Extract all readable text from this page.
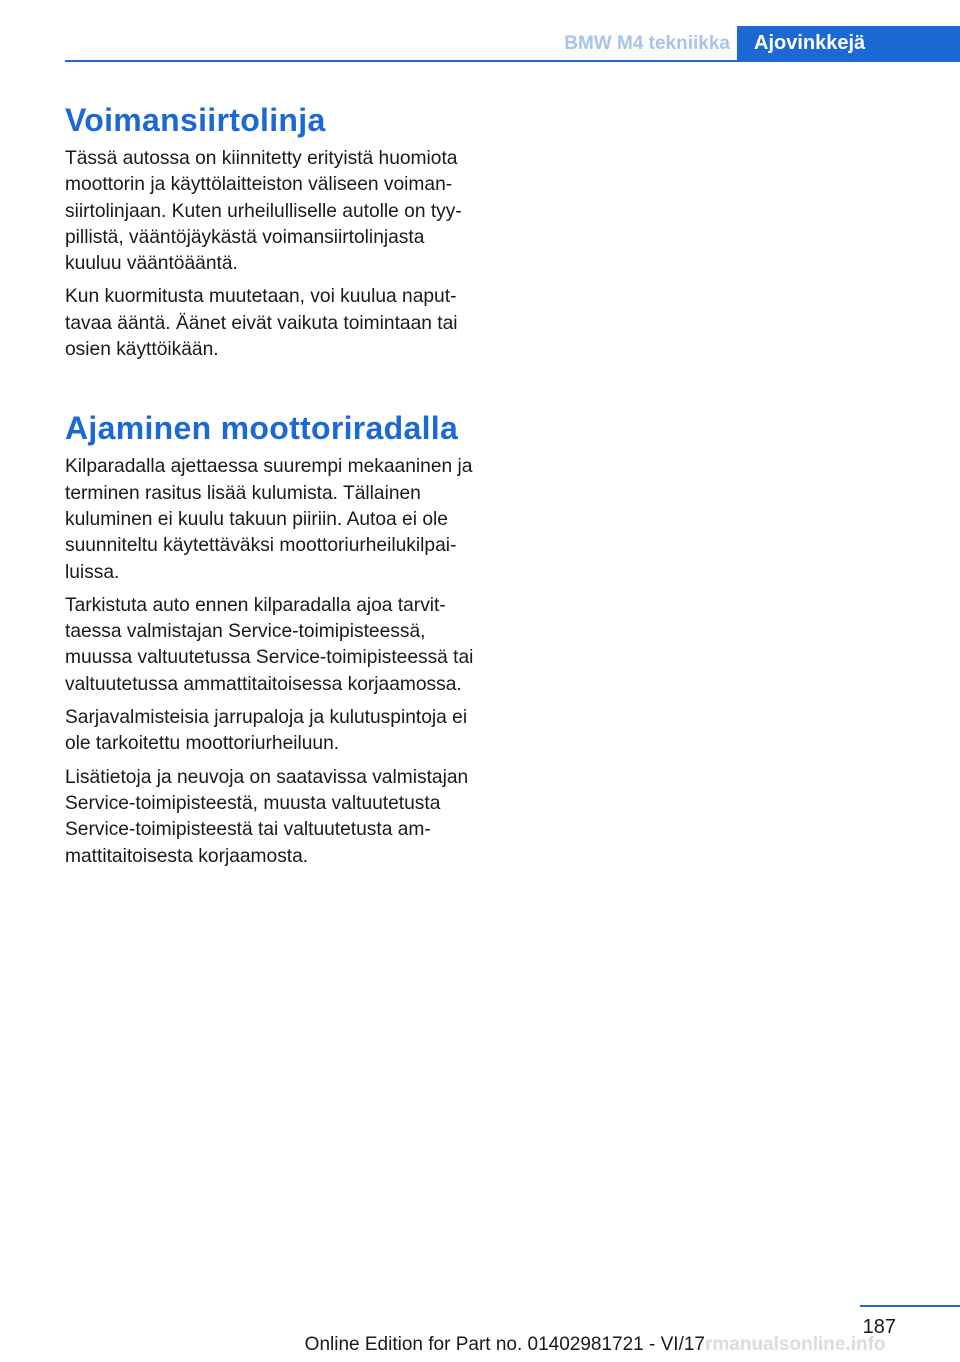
BMW M4 tekniikka	Ajovinkkejä
Voimansiirtolinja

Tässä autossa on kiinnitetty erityistä huomiota moottorin ja käyttölaitteiston väliseen voimansiirtolinjaan. Kuten urheilulliselle autolle on tyypillistä, vääntöjäykästä voimansiirtolinjasta kuuluu vääntöääntä.

Kun kuormitusta muutetaan, voi kuulua naputtavaa ääntä. Äänet eivät vaikuta toimintaan tai osien käyttöikään.

Ajaminen moottoriradalla

Kilparadalla ajettaessa suurempi mekaaninen ja terminen rasitus lisää kulumista. Tällainen kuluminen ei kuulu takuun piiriin. Autoa ei ole suunniteltu käytettäväksi moottoriurheilukilpailuissa.

Tarkistuta auto ennen kilparadalla ajoa tarvittaessa valmistajan Service-toimipisteessä, muussa valtuutetussa Service-toimipisteessä tai valtuutetussa ammattitaitoisessa korjaamossa.

Sarjavalmisteisia jarrupaloja ja kulutuspintoja ei ole tarkoitettu moottoriurheiluun.

Lisätietoja ja neuvoja on saatavissa valmistajan Service-toimipisteestä, muusta valtuutetusta Service-toimipisteestä tai valtuutetusta ammattitaitoisesta korjaamosta.

187
Online Edition for Part no. 01402981721 - VI/17 rmanualsonline.info
